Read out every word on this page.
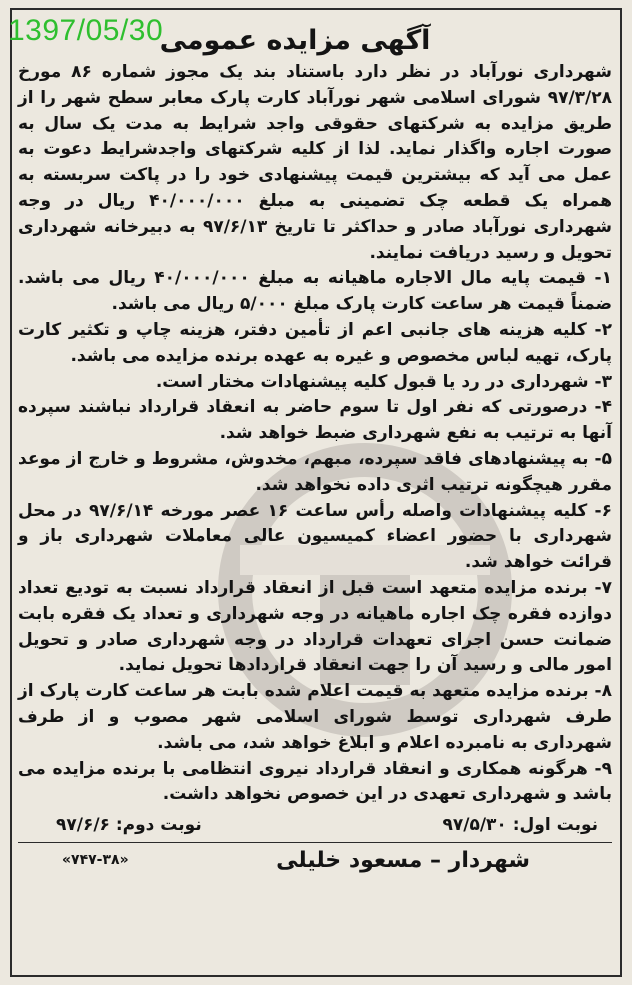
1397/05/30
آگهی مزایده عمومی

شهرداری نورآباد در نظر دارد باستناد بند یک مجوز شماره ۸۶ مورخ ۹۷/۳/۲۸ شورای اسلامی شهر نورآباد کارت پارک معابر سطح شهر را از طریق مزایده به شرکتهای حقوقی واجد شرایط به مدت یک سال به صورت اجاره واگذار نماید. لذا از کلیه شرکتهای واجدشرایط دعوت به عمل می آید که بیشترین قیمت پیشنهادی خود را در پاکت سربسته به همراه یک قطعه چک تضمینی به مبلغ ۴۰/۰۰۰/۰۰۰ ریال در وجه شهرداری نورآباد صادر و حداکثر تا تاریخ ۹۷/۶/۱۳ به دبیرخانه شهرداری تحویل و رسید دریافت نمایند.

۱- قیمت پایه مال الاجاره ماهیانه به مبلغ ۴۰/۰۰۰/۰۰۰ ریال می باشد. ضمناً قیمت هر ساعت کارت پارک مبلغ ۵/۰۰۰ ریال می باشد.
۲- کلیه هزینه های جانبی اعم از تأمین دفتر، هزینه چاپ و تکثیر کارت پارک، تهیه لباس مخصوص و غیره به عهده برنده مزایده می باشد.
۳- شهرداری در رد یا قبول کلیه پیشنهادات مختار است.
۴- درصورتی که نفر اول تا سوم حاضر به انعقاد قرارداد نباشند سپرده آنها به ترتیب به نفع شهرداری ضبط خواهد شد.
۵- به پیشنهادهای فاقد سپرده، مبهم، مخدوش، مشروط و خارج از موعد مقرر هیچگونه ترتیب اثری داده نخواهد شد.
۶- کلیه پیشنهادات واصله رأس ساعت ۱۶ عصر مورخه ۹۷/۶/۱۴ در محل شهرداری با حضور اعضاء کمیسیون عالی معاملات شهرداری باز و قرائت خواهد شد.
۷- برنده مزایده متعهد است قبل از انعقاد قرارداد نسبت به تودیع تعداد دوازده فقره چک اجاره ماهیانه در وجه شهرداری و تعداد یک فقره بابت ضمانت حسن اجرای تعهدات قرارداد در وجه شهرداری صادر و تحویل امور مالی و رسید آن را جهت انعقاد قراردادها تحویل نماید.
۸- برنده مزایده متعهد به قیمت اعلام شده بابت هر ساعت کارت پارک از طرف شهرداری توسط شورای اسلامی شهر مصوب و از طرف شهرداری به نامبرده اعلام و ابلاغ خواهد شد، می باشد.
۹- هرگونه همکاری و انعقاد قرارداد نیروی انتظامی با برنده مزایده می باشد و شهرداری تعهدی در این خصوص نخواهد داشت.
نوبت اول: ۹۷/۵/۳۰
نوبت دوم: ۹۷/۶/۶
شهردار – مسعود خلیلی
«۷۴۷-۳۸»
